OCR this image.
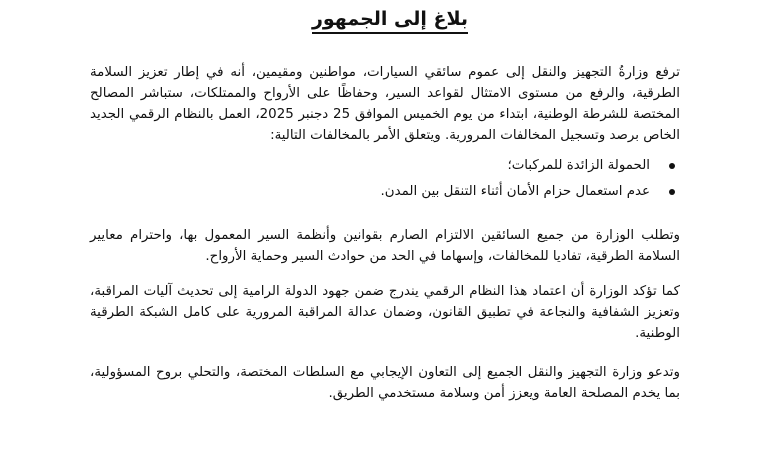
بلاغ إلى الجمهور

ترفع وزارةُ التجهيز والنقل إلى عموم سائقي السيارات، مواطنين ومقيمين، أنه في إطار تعزيز السلامة الطرقية، والرفع من مستوى الامتثال لقواعد السير، وحفاظًا على الأرواح والممتلكات، ستباشر المصالح المختصة للشرطة الوطنية، ابتداء من يوم الخميس الموافق 25 دجنبر 2025، العمل بالنظام الرقمي الجديد الخاص برصد وتسجيل المخالفات المرورية. ويتعلق الأمر بالمخالفات التالية:

الحمولة الزائدة للمركبات؛
عدم استعمال حزام الأمان أثناء التنقل بين المدن.

وتطلب الوزارة من جميع السائقين الالتزام الصارم بقوانين وأنظمة السير المعمول بها، واحترام معايير السلامة الطرقية، تفاديا للمخالفات، وإسهاما في الحد من حوادث السير وحماية الأرواح.

كما تؤكد الوزارة أن اعتماد هذا النظام الرقمي يندرج ضمن جهود الدولة الرامية إلى تحديث آليات المراقبة، وتعزيز الشفافية والنجاعة في تطبيق القانون، وضمان عدالة المراقبة المرورية على كامل الشبكة الطرقية الوطنية.

وتدعو وزارة التجهيز والنقل الجميع إلى التعاون الإيجابي مع السلطات المختصة، والتحلي بروح المسؤولية، بما يخدم المصلحة العامة ويعزز أمن وسلامة مستخدمي الطريق.
